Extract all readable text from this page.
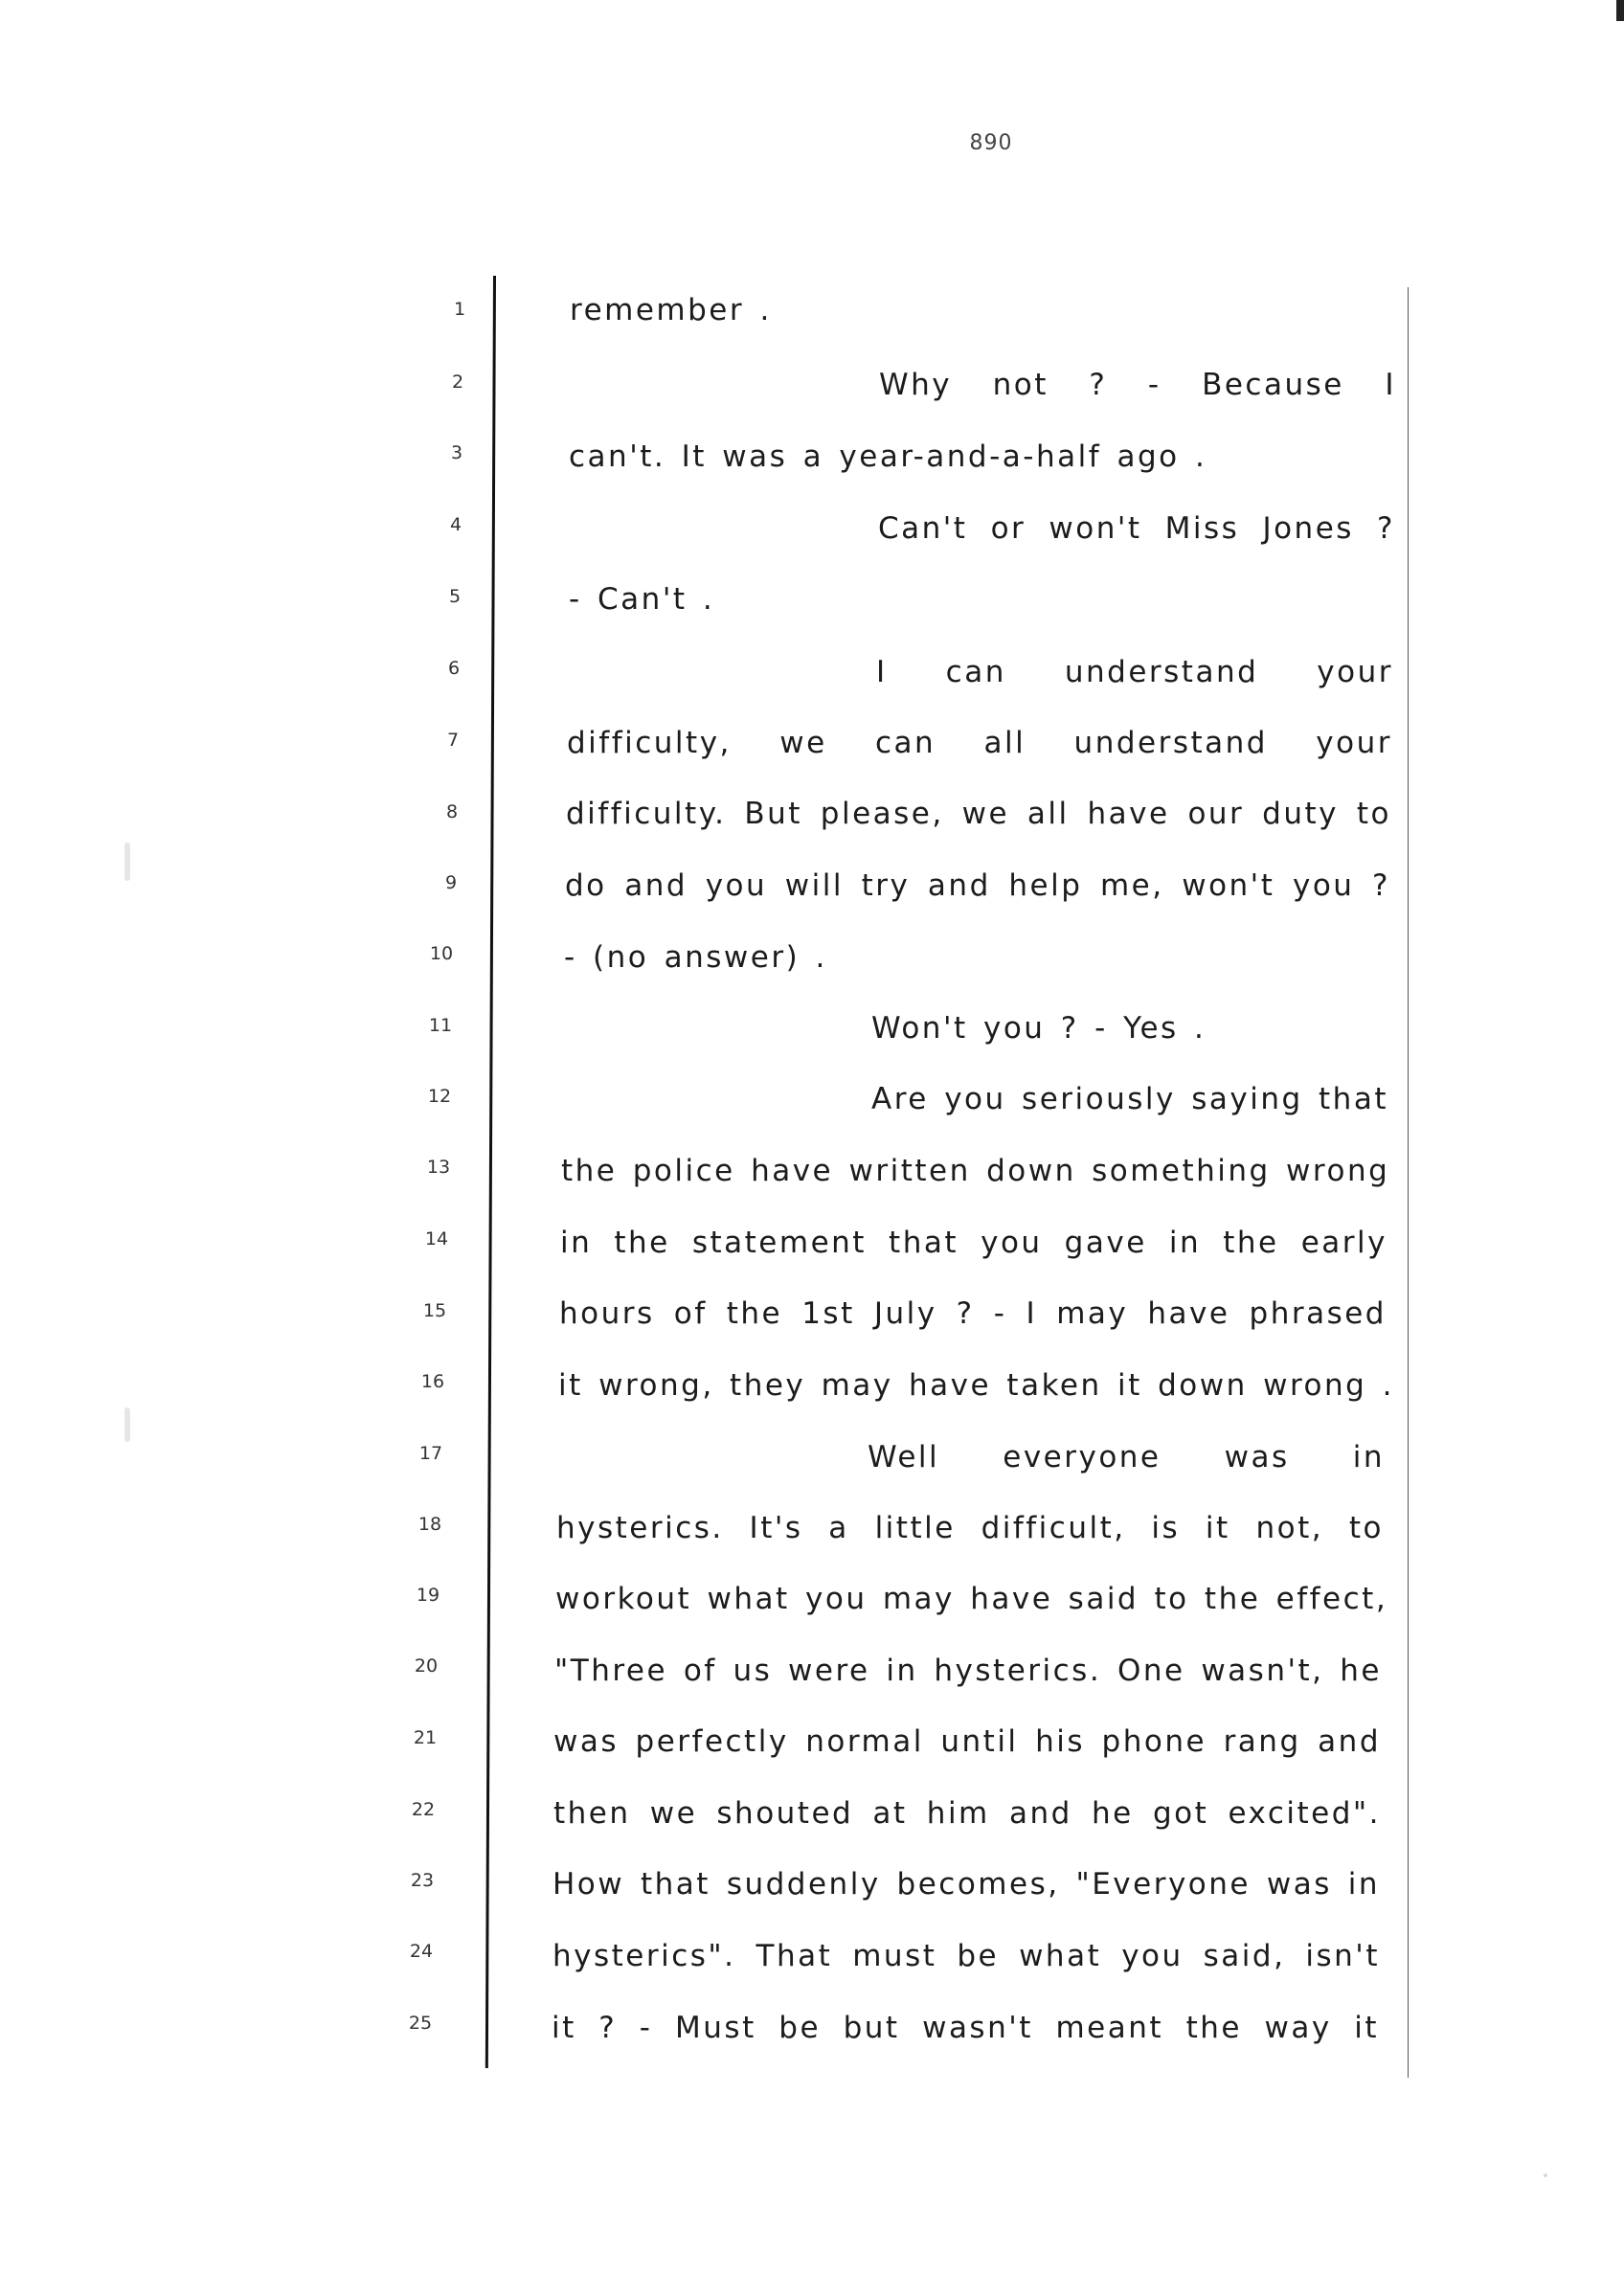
890
1
2
3
4
5
6
7
8
9
10
11
12
13
14
15
16
17
18
19
20
21
22
23
24
25
remember .
Why not ? - Because I
can't. It was a year-and-a-half ago .
Can't or won't Miss Jones ?
- Can't .
I can understand your
difficulty, we can all understand your
difficulty. But please, we all have our duty to
do and you will try and help me, won't you ?
- (no answer) .
Won't you ? - Yes .
Are you seriously saying that
the police have written down something wrong
in the statement that you gave in the early
hours of the 1st July ? - I may have phrased
it wrong, they may have taken it down wrong .
Well everyone was in
hysterics. It's a little difficult, is it not, to
workout what you may have said to the effect,
"Three of us were in hysterics. One wasn't, he
was perfectly normal until his phone rang and
then we shouted at him and he got excited".
How that suddenly becomes, "Everyone was in
hysterics". That must be what you said, isn't
it ? - Must be but wasn't meant the way it
